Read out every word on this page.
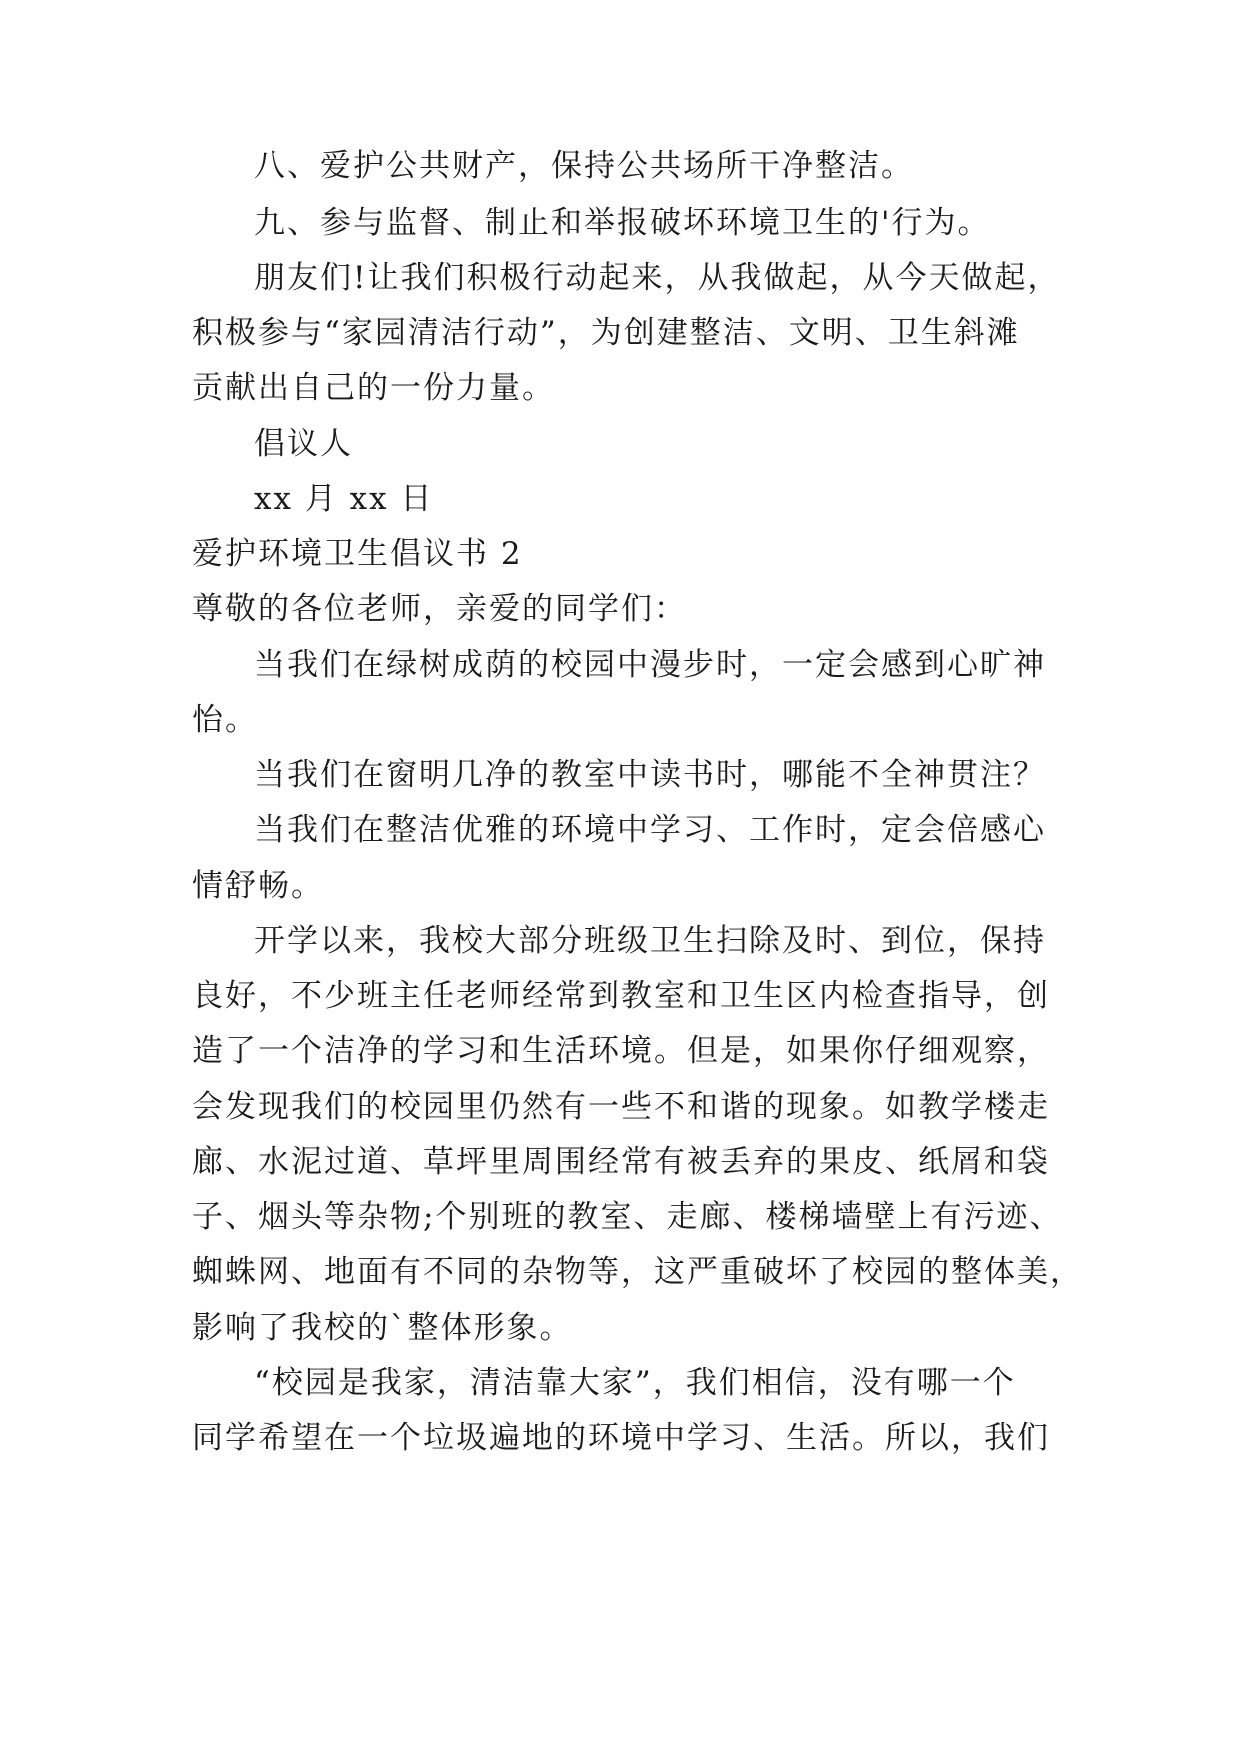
八、爱护公共财产，保持公共场所干净整洁。
九、参与监督、制止和举报破坏环境卫生的'行为。
朋友们!让我们积极行动起来，从我做起，从今天做起，
积极参与“家园清洁行动”，为创建整洁、文明、卫生斜滩
贡献出自己的一份力量。
倡议人
xx 月 xx 日
爱护环境卫生倡议书 2
尊敬的各位老师，亲爱的同学们：
当我们在绿树成荫的校园中漫步时，一定会感到心旷神
怡。
当我们在窗明几净的教室中读书时，哪能不全神贯注？
当我们在整洁优雅的环境中学习、工作时，定会倍感心
情舒畅。
开学以来，我校大部分班级卫生扫除及时、到位，保持
良好，不少班主任老师经常到教室和卫生区内检查指导，创
造了一个洁净的学习和生活环境。但是，如果你仔细观察，
会发现我们的校园里仍然有一些不和谐的现象。如教学楼走
廊、水泥过道、草坪里周围经常有被丢弃的果皮、纸屑和袋
子、烟头等杂物;个别班的教室、走廊、楼梯墙壁上有污迹、
蜘蛛网、地面有不同的杂物等，这严重破坏了校园的整体美，
影响了我校的`整体形象。
“校园是我家，清洁靠大家”，我们相信，没有哪一个
同学希望在一个垃圾遍地的环境中学习、生活。所以，我们
